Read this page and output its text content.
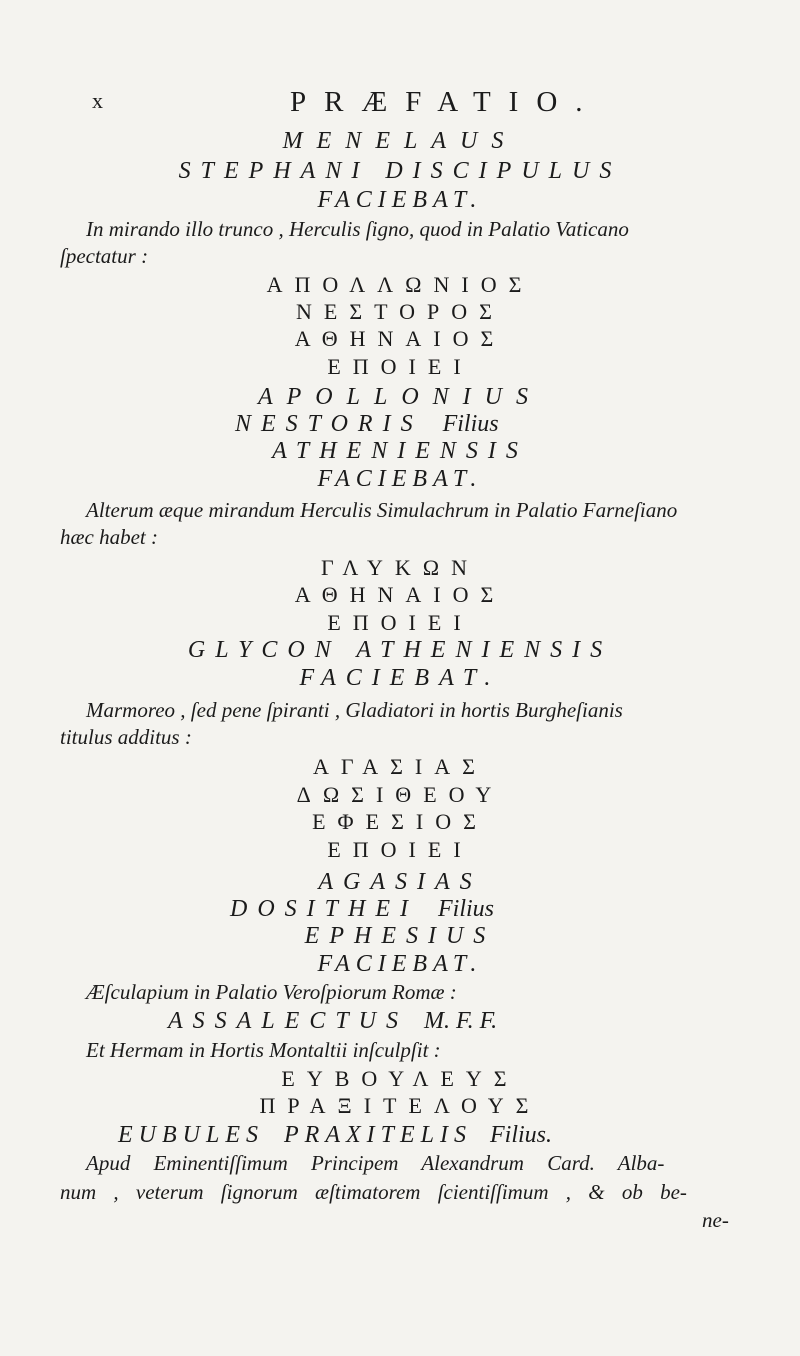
x	PRÆFATIO.
MENELAUS
STEPHANI DISCIPULUS
FACIEBAT.
In mirando illo trunco , Herculis ſigno, quod in Palatio Vaticano
ſpectatur :
ΑΠΟΛΛΩΝΙΟΣ
ΝΕΣΤΟΡΟΣ
ΑΘΗΝΑΙΟΣ
ΕΠΟΙΕΙ
APOLLONIUS
NESTORIS Filius
ATHENIENSIS
FACIEBAT.
Alterum æque mirandum Herculis Simulachrum in Palatio Farneſiano
hæc habet :
ΓΛΥΚΩΝ
ΑΘΗΝΑΙΟΣ
ΕΠΟΙΕΙ
GLYCON ATHENIENSIS
FACIEBAT.
Marmoreo , ſed pene ſpiranti , Gladiatori in hortis Burgheſianis
titulus additus :
ΑΓΑΣΙΑΣ
ΔΩΣΙΘΕΟΥ
ΕΦΕΣΙΟΣ
ΕΠΟΙΕΙ
AGASIAS
DOSITHEI Filius
EPHESIUS
FACIEBAT.
Æſculapium in Palatio Veroſpiorum Romæ :
ASSALECTUS M. F. F.
Et Hermam in Hortis Montaltii inſculpſit :
ΕΥΒΟΥΛΕΥΣ
ΠΡΑΞΙΤΕΛΟΥΣ
EUBULES PRAXITELIS Filius.
Apud Eminentiſſimum Principem Alexandrum Card. Alba-
num , veterum ſignorum æſtimatorem ſcientiſſimum , & ob be-
ne-
